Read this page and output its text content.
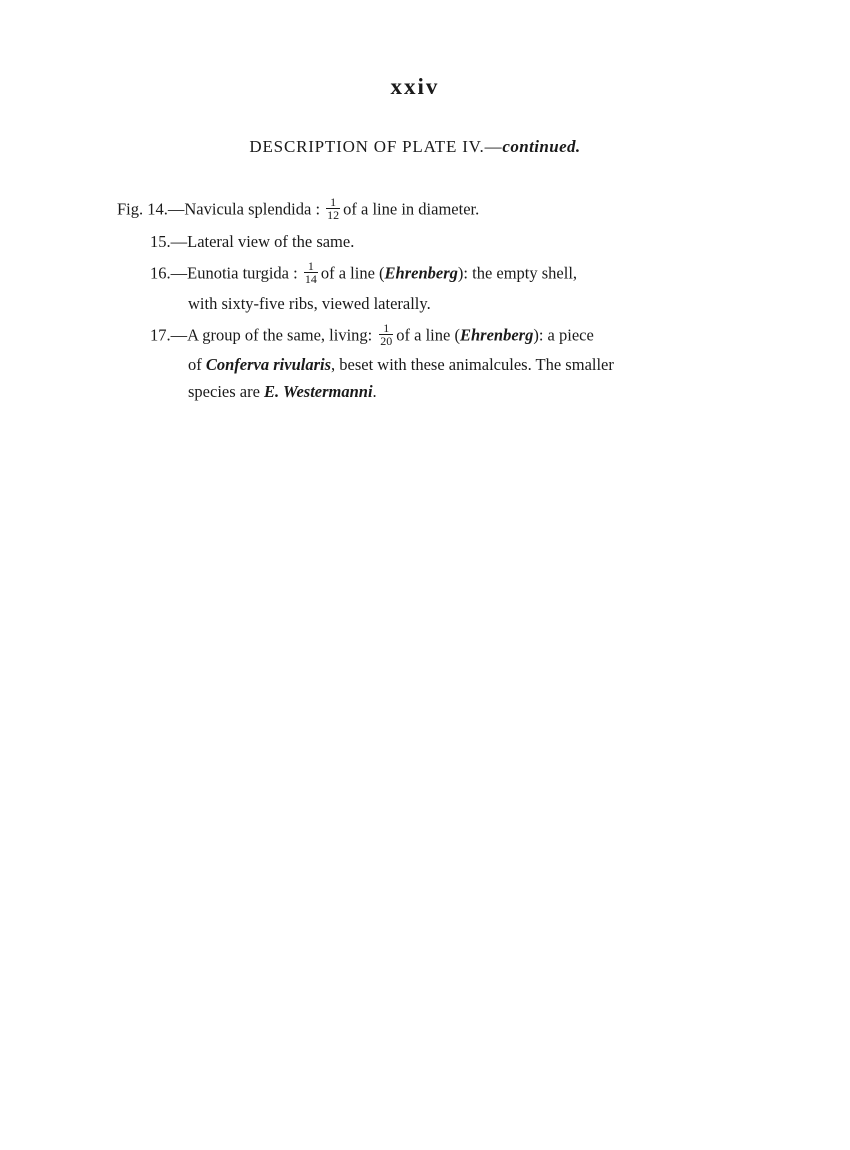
xxiv
DESCRIPTION OF PLATE IV.—continued.
Fig. 14.—Navicula splendida : $\frac{1}{12}$ of a line in diameter.
15.—Lateral view of the same.
16.—Eunotia turgida : $\frac{1}{14}$ of a line (Ehrenberg): the empty shell,
with sixty-five ribs, viewed laterally.
17.—A group of the same, living: $\frac{1}{20}$ of a line (Ehrenberg): a piece
of Conferva rivularis, beset with these animalcules. The smaller
species are E. Westermanni.
